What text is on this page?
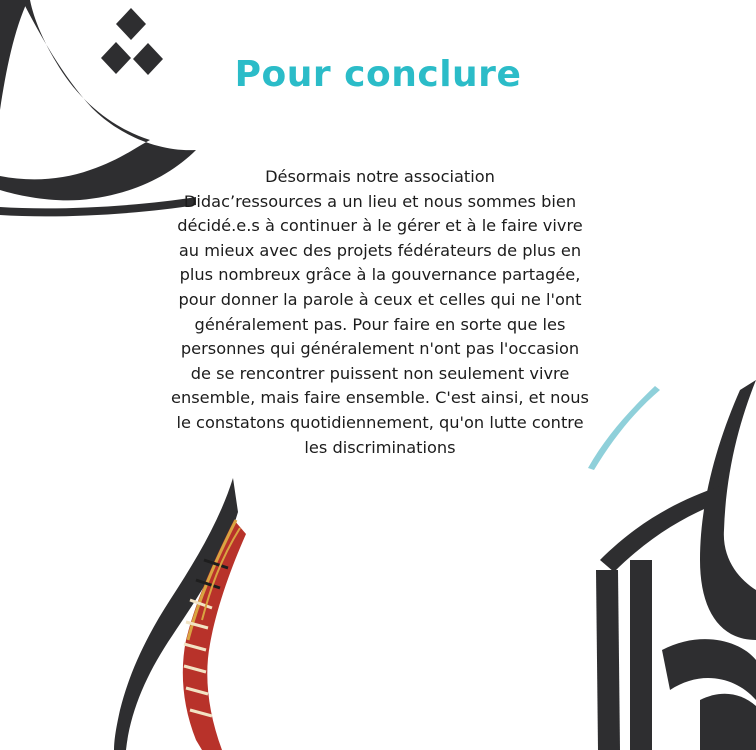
Pour conclure

Désormais notre association
Didac’ressources a un lieu et nous sommes bien
décidé.e.s à continuer à le gérer et à le faire vivre
au mieux avec des projets fédérateurs de plus en
plus nombreux grâce à la gouvernance partagée,
pour donner la parole à ceux et celles qui ne l'ont
généralement pas. Pour faire en sorte que les
personnes qui généralement n'ont pas l'occasion
de se rencontrer puissent non seulement vivre
ensemble, mais faire ensemble. C'est ainsi, et nous
le constatons quotidiennement, qu'on lutte contre
les discriminations
